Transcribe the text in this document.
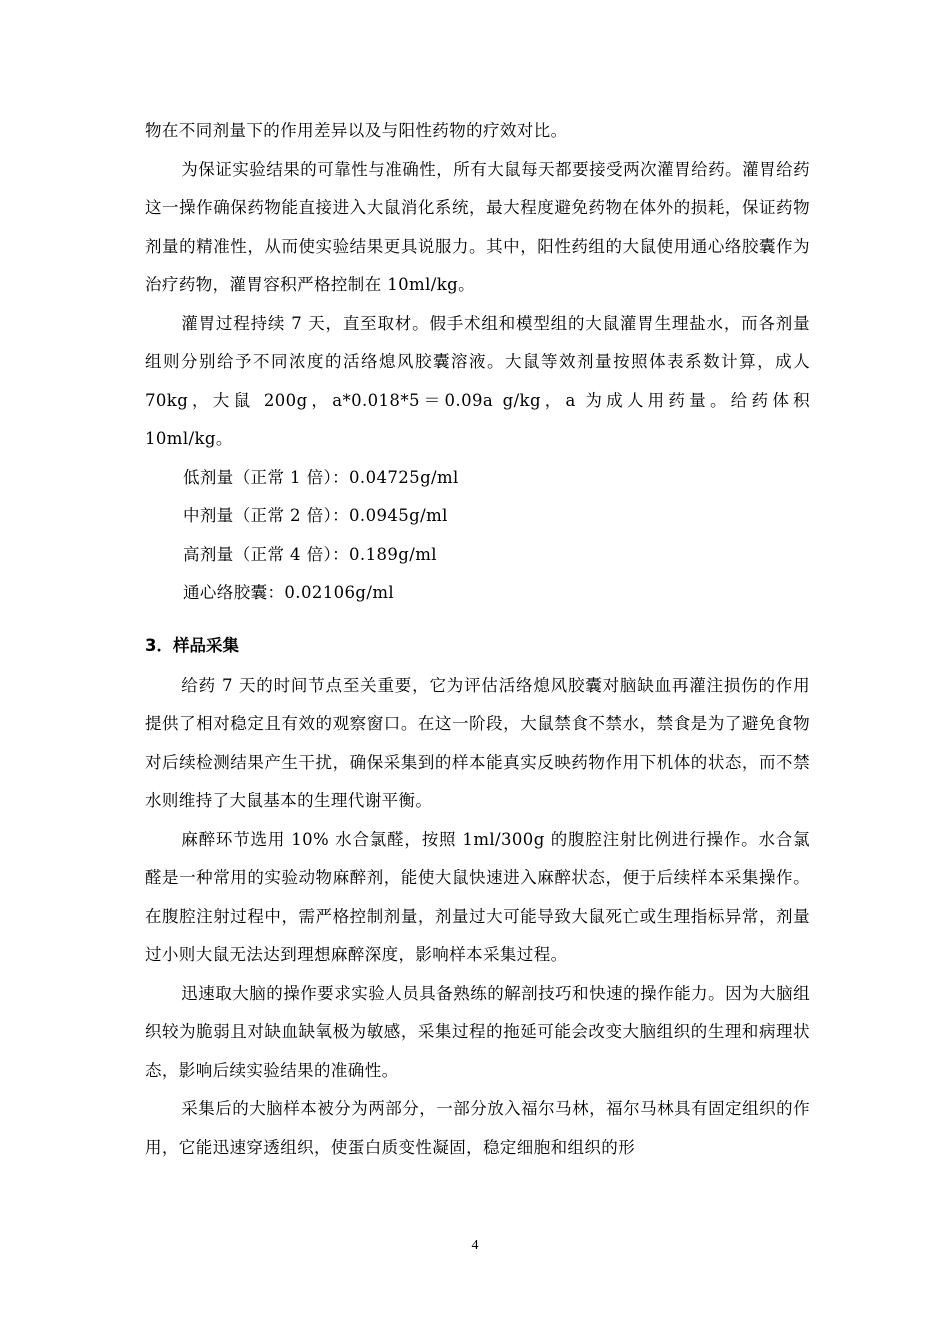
物在不同剂量下的作用差异以及与阳性药物的疗效对比。

为保证实验结果的可靠性与准确性，所有大鼠每天都要接受两次灌胃给药。灌胃给药这一操作确保药物能直接进入大鼠消化系统，最大程度避免药物在体外的损耗，保证药物剂量的精准性，从而使实验结果更具说服力。其中，阳性药组的大鼠使用通心络胶囊作为治疗药物，灌胃容积严格控制在 10ml/kg。

灌胃过程持续 7 天，直至取材。假手术组和模型组的大鼠灌胃生理盐水，而各剂量组则分别给予不同浓度的活络熄风胶囊溶液。大鼠等效剂量按照体表系数计算，成人 70kg，大鼠 200g，a*0.018*5＝0.09a g/kg，a 为成人用药量。给药体积 10ml/kg。

低剂量（正常 1 倍）：0.04725g/ml

中剂量（正常 2 倍）：0.0945g/ml

高剂量（正常 4 倍）：0.189g/ml

通心络胶囊：0.02106g/ml

3．样品采集

给药 7 天的时间节点至关重要，它为评估活络熄风胶囊对脑缺血再灌注损伤的作用提供了相对稳定且有效的观察窗口。在这一阶段，大鼠禁食不禁水，禁食是为了避免食物对后续检测结果产生干扰，确保采集到的样本能真实反映药物作用下机体的状态，而不禁水则维持了大鼠基本的生理代谢平衡。

麻醉环节选用 10% 水合氯醛，按照 1ml/300g 的腹腔注射比例进行操作。水合氯醛是一种常用的实验动物麻醉剂，能使大鼠快速进入麻醉状态，便于后续样本采集操作。在腹腔注射过程中，需严格控制剂量，剂量过大可能导致大鼠死亡或生理指标异常，剂量过小则大鼠无法达到理想麻醉深度，影响样本采集过程。

迅速取大脑的操作要求实验人员具备熟练的解剖技巧和快速的操作能力。因为大脑组织较为脆弱且对缺血缺氧极为敏感，采集过程的拖延可能会改变大脑组织的生理和病理状态，影响后续实验结果的准确性。

采集后的大脑样本被分为两部分，一部分放入福尔马林，福尔马林具有固定组织的作用，它能迅速穿透组织，使蛋白质变性凝固，稳定细胞和组织的形

4
